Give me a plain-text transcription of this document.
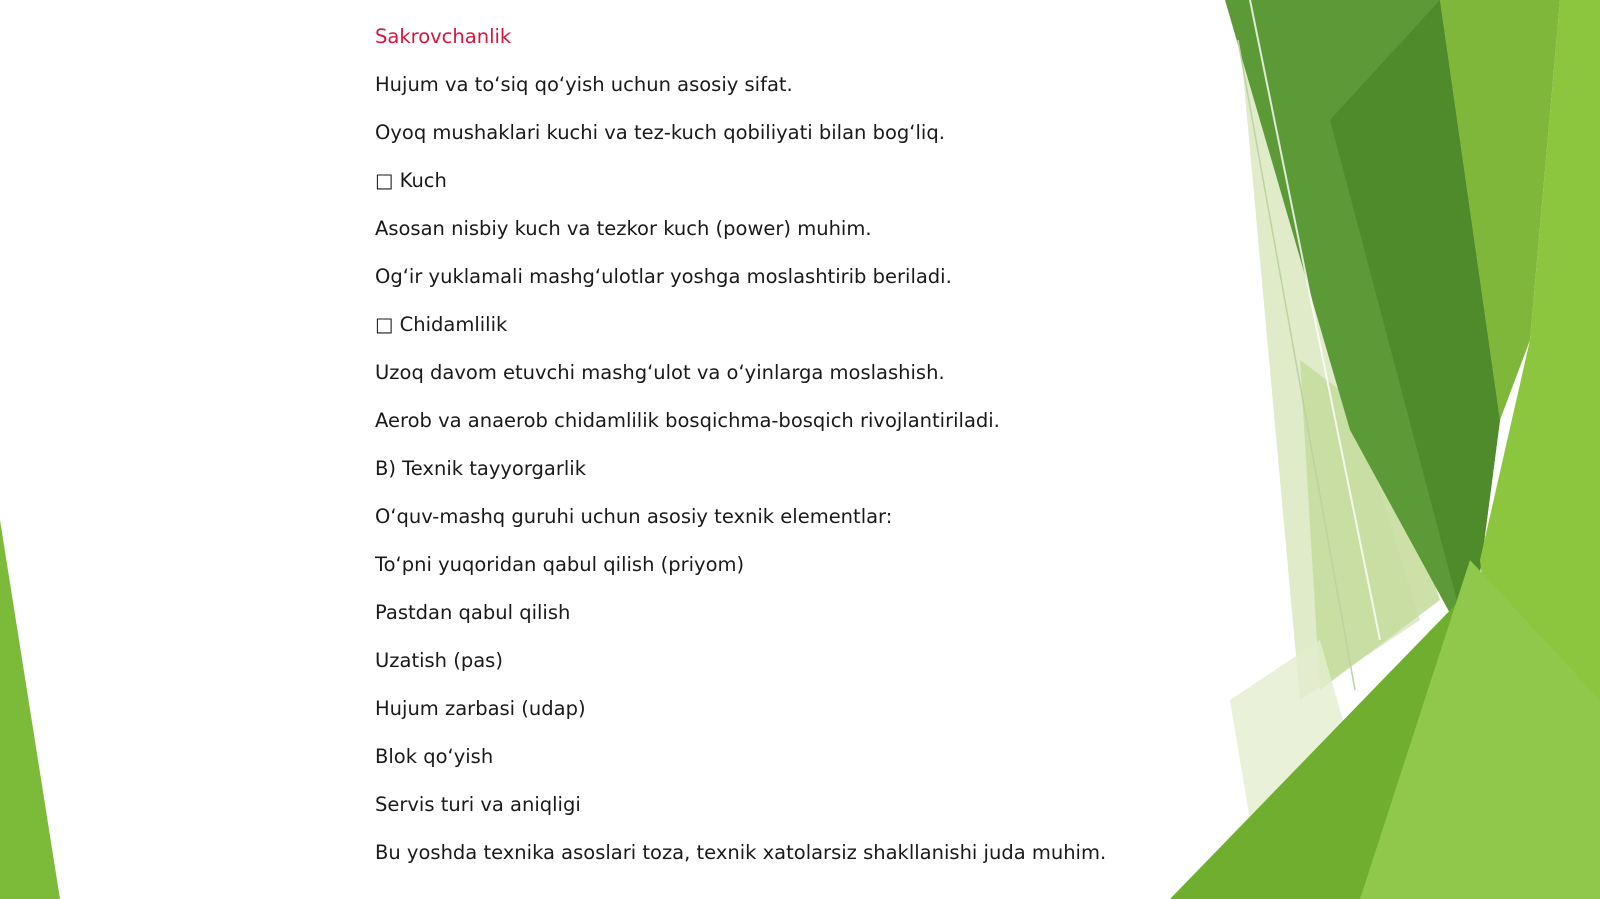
Sakrovchanlik
Hujum va to‘siq qo‘yish uchun asosiy sifat.
Oyoq mushaklari kuchi va tez-kuch qobiliyati bilan bog‘liq.
□ Kuch
Asosan nisbiy kuch va tezkor kuch (power) muhim.
Og‘ir yuklamali mashg‘ulotlar yoshga moslashtirib beriladi.
□ Chidamlilik
Uzoq davom etuvchi mashg‘ulot va o‘yinlarga moslashish.
Aerob va anaerob chidamlilik bosqichma-bosqich rivojlantiriladi.
B) Texnik tayyorgarlik
O‘quv-mashq guruhi uchun asosiy texnik elementlar:
To‘pni yuqoridan qabul qilish (priyom)
Pastdan qabul qilish
Uzatish (pas)
Hujum zarbasi (udap)
Blok qo‘yish
Servis turi va aniqligi
Bu yoshda texnika asoslari toza, texnik xatolarsiz shakllanishi juda muhim.
